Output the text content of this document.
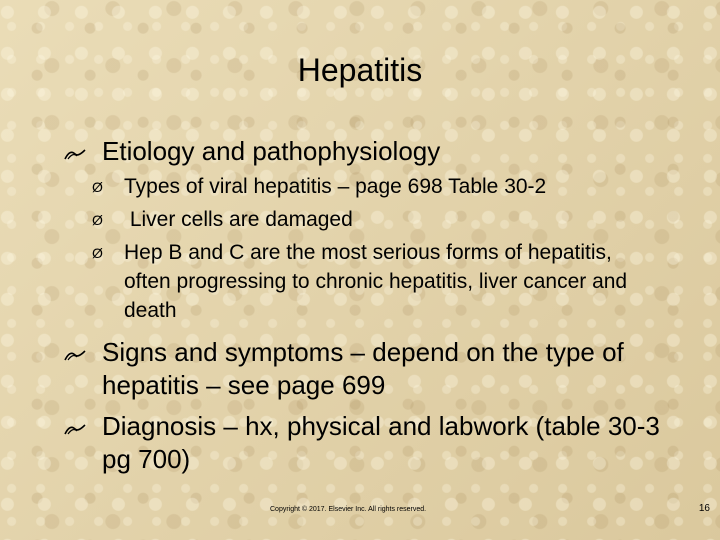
Hepatitis
Etiology and pathophysiology
Ø Types of viral hepatitis – page 698 Table 30-2
Ø Liver cells are damaged
Ø Hep B and C are the most serious forms of hepatitis, often progressing to chronic hepatitis, liver cancer and death
Signs and symptoms – depend on the type of hepatitis – see page 699
Diagnosis – hx, physical and labwork (table 30-3 pg 700)
Copyright © 2017. Elsevier Inc. All rights reserved.	16
